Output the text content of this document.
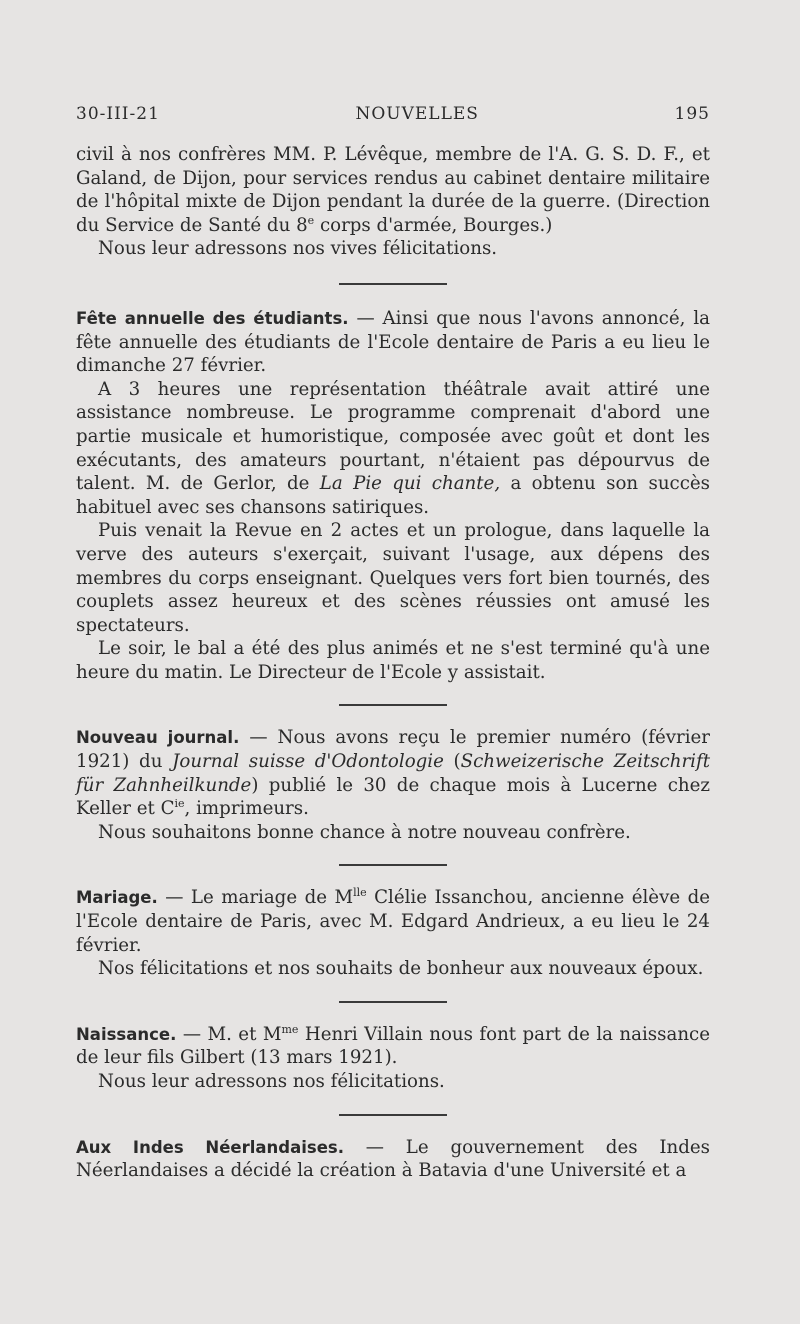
30-III-21	NOUVELLES	195

civil à nos confrères MM. P. Lévêque, membre de l'A. G. S. D. F., et Galand, de Dijon, pour services rendus au cabinet dentaire militaire de l'hôpital mixte de Dijon pendant la durée de la guerre. (Direction du Service de Santé du 8e corps d'armée, Bourges.)

Nous leur adressons nos vives félicitations.

Fête annuelle des étudiants. — Ainsi que nous l'avons annoncé, la fête annuelle des étudiants de l'Ecole dentaire de Paris a eu lieu le dimanche 27 février.

A 3 heures une représentation théâtrale avait attiré une assistance nombreuse. Le programme comprenait d'abord une partie musicale et humoristique, composée avec goût et dont les exécutants, des amateurs pourtant, n'étaient pas dépourvus de talent. M. de Gerlor, de La Pie qui chante, a obtenu son succès habituel avec ses chansons satiriques.

Puis venait la Revue en 2 actes et un prologue, dans laquelle la verve des auteurs s'exerçait, suivant l'usage, aux dépens des membres du corps enseignant. Quelques vers fort bien tournés, des couplets assez heureux et des scènes réussies ont amusé les spectateurs.

Le soir, le bal a été des plus animés et ne s'est terminé qu'à une heure du matin. Le Directeur de l'Ecole y assistait.

Nouveau journal. — Nous avons reçu le premier numéro (février 1921) du Journal suisse d'Odontologie (Schweizerische Zeitschrift für Zahnheilkunde) publié le 30 de chaque mois à Lucerne chez Keller et $C^{ie}$, imprimeurs.

Nous souhaitons bonne chance à notre nouveau confrère.

Mariage. — Le mariage de $M^{lle}$ Clélie Issanchou, ancienne élève de l'Ecole dentaire de Paris, avec M. Edgard Andrieux, a eu lieu le 24 février.

Nos félicitations et nos souhaits de bonheur aux nouveaux époux.

Naissance. — M. et $M^{me}$ Henri Villain nous font part de la naissance de leur fils Gilbert (13 mars 1921).

Nous leur adressons nos félicitations.

Aux Indes Néerlandaises. — Le gouvernement des Indes Néerlandaises a décidé la création à Batavia d'une Université et a
